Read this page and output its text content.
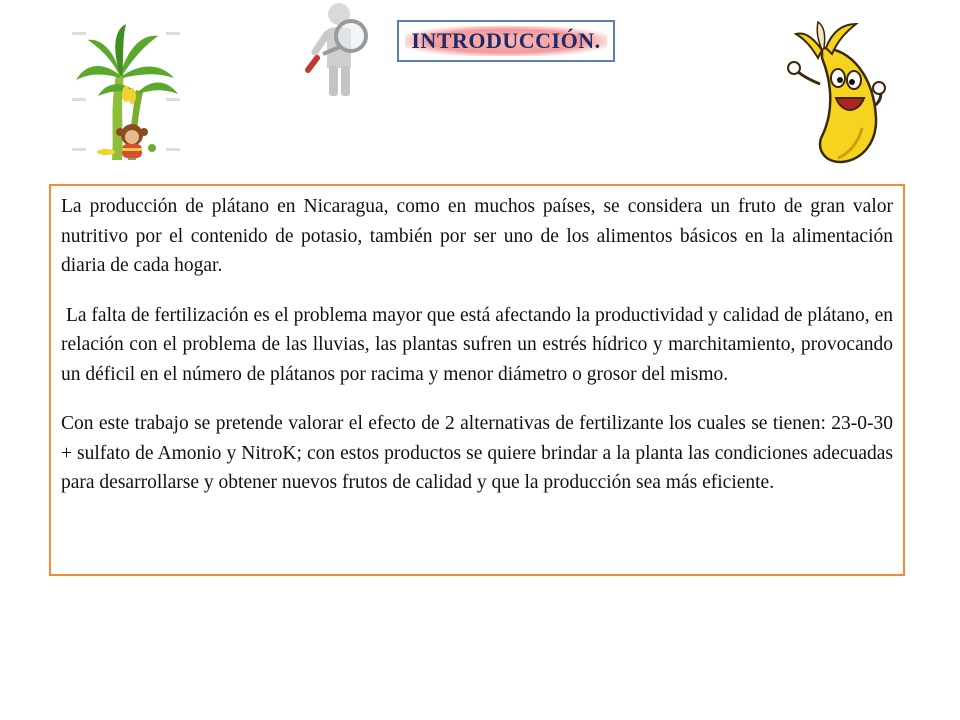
INTRODUCCIÓN.

La producción de plátano en Nicaragua, como en muchos países, se considera un fruto de gran valor nutritivo por el contenido de potasio, también por ser uno de los alimentos básicos en la alimentación diaria de cada hogar.

La falta de fertilización es el problema mayor que está afectando la productividad y calidad de plátano, en relación con el problema de las lluvias, las plantas sufren un estrés hídrico y marchitamiento, provocando un déficil en el número de plátanos por racima y menor diámetro o grosor del mismo.

Con este trabajo se pretende valorar el efecto de 2 alternativas de fertilizante los cuales se tienen: 23-0-30 + sulfato de Amonio y NitroK; con estos productos se quiere brindar a la planta las condiciones adecuadas para desarrollarse y obtener nuevos frutos de calidad y que la producción sea más eficiente.
